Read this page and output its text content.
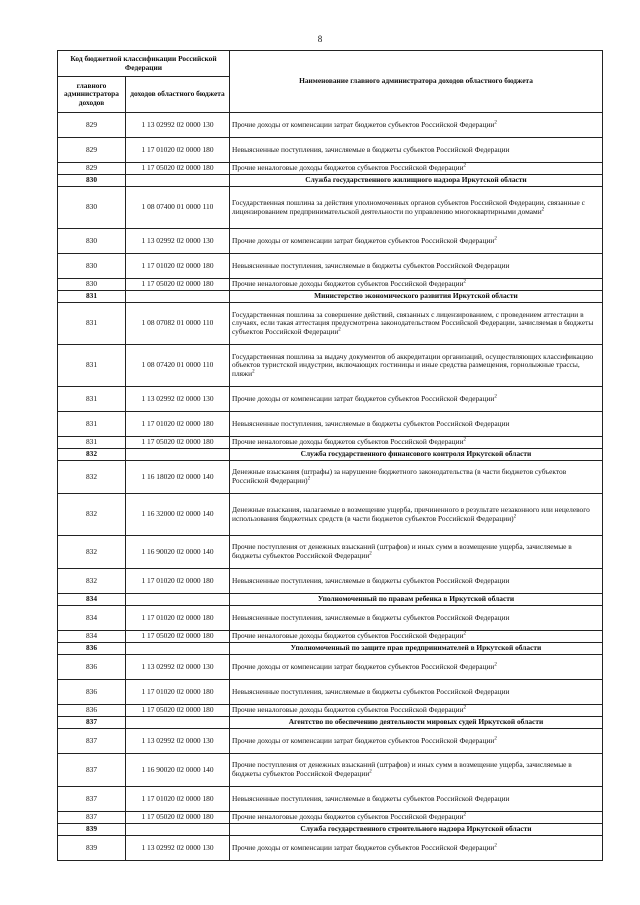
8
Код бюджетной классификации Российской Федерации		Наименование главного администратора доходов областного бюджета
главного администратора доходов	доходов областного бюджета	
829	1 13 02992 02 0000 130	Прочие доходы от компенсации затрат бюджетов субъектов Российской Федерации$^2$
829	1 17 01020 02 0000 180	Невыясненные поступления, зачисляемые в бюджеты субъектов Российской Федерации
829	1 17 05020 02 0000 180	Прочие неналоговые доходы бюджетов субъектов Российской Федерации$^2$
830		Служба государственного жилищного надзора Иркутской области
830	1 08 07400 01 0000 110	Государственная пошлина за действия уполномоченных органов субъектов Российской Федерации, связанные с лицензированием предпринимательской деятельности по управлению многоквартирными домами$^2$
830	1 13 02992 02 0000 130	Прочие доходы от компенсации затрат бюджетов субъектов Российской Федерации$^2$
830	1 17 01020 02 0000 180	Невыясненные поступления, зачисляемые в бюджеты субъектов Российской Федерации
830	1 17 05020 02 0000 180	Прочие неналоговые доходы бюджетов субъектов Российской Федерации$^2$
831		Министерство экономического развития Иркутской области
831	1 08 07082 01 0000 110	Государственная пошлина за совершение действий, связанных с лицензированием, с проведением аттестации в случаях, если такая аттестация предусмотрена законодательством Российской Федерации, зачисляемая в бюджеты субъектов Российской Федерации$^2$
831	1 08 07420 01 0000 110	Государственная пошлина за выдачу документов об аккредитации организаций, осуществляющих классификацию объектов туристской индустрии, включающих гостиницы и иные средства размещения, горнолыжные трассы, пляжи$^2$
831	1 13 02992 02 0000 130	Прочие доходы от компенсации затрат бюджетов субъектов Российской Федерации$^2$
831	1 17 01020 02 0000 180	Невыясненные поступления, зачисляемые в бюджеты субъектов Российской Федерации
831	1 17 05020 02 0000 180	Прочие неналоговые доходы бюджетов субъектов Российской Федерации$^2$
832		Служба государственного финансового контроля Иркутской области
832	1 16 18020 02 0000 140	Денежные взыскания (штрафы) за нарушение бюджетного законодательства (в части бюджетов субъектов Российской Федерации)$^2$
832	1 16 32000 02 0000 140	Денежные взыскания, налагаемые в возмещение ущерба, причиненного в результате незаконного или нецелевого использования бюджетных средств (в части бюджетов субъектов Российской Федерации)$^2$
832	1 16 90020 02 0000 140	Прочие поступления от денежных взысканий (штрафов) и иных сумм в возмещение ущерба, зачисляемые в бюджеты субъектов Российской Федерации$^2$
832	1 17 01020 02 0000 180	Невыясненные поступления, зачисляемые в бюджеты субъектов Российской Федерации
834		Уполномоченный по правам ребенка в Иркутской области
834	1 17 01020 02 0000 180	Невыясненные поступления, зачисляемые в бюджеты субъектов Российской Федерации
834	1 17 05020 02 0000 180	Прочие неналоговые доходы бюджетов субъектов Российской Федерации$^2$
836		Уполномоченный по защите прав предпринимателей в Иркутской области
836	1 13 02992 02 0000 130	Прочие доходы от компенсации затрат бюджетов субъектов Российской Федерации$^2$
836	1 17 01020 02 0000 180	Невыясненные поступления, зачисляемые в бюджеты субъектов Российской Федерации
836	1 17 05020 02 0000 180	Прочие неналоговые доходы бюджетов субъектов Российской Федерации$^2$
837		Агентство по обеспечению деятельности мировых судей Иркутской области
837	1 13 02992 02 0000 130	Прочие доходы от компенсации затрат бюджетов субъектов Российской Федерации$^2$
837	1 16 90020 02 0000 140	Прочие поступления от денежных взысканий (штрафов) и иных сумм в возмещение ущерба, зачисляемые в бюджеты субъектов Российской Федерации$^2$
837	1 17 01020 02 0000 180	Невыясненные поступления, зачисляемые в бюджеты субъектов Российской Федерации
837	1 17 05020 02 0000 180	Прочие неналоговые доходы бюджетов субъектов Российской Федерации$^2$
839		Служба государственного строительного надзора Иркутской области
839	1 13 02992 02 0000 130	Прочие доходы от компенсации затрат бюджетов субъектов Российской Федерации$^2$
